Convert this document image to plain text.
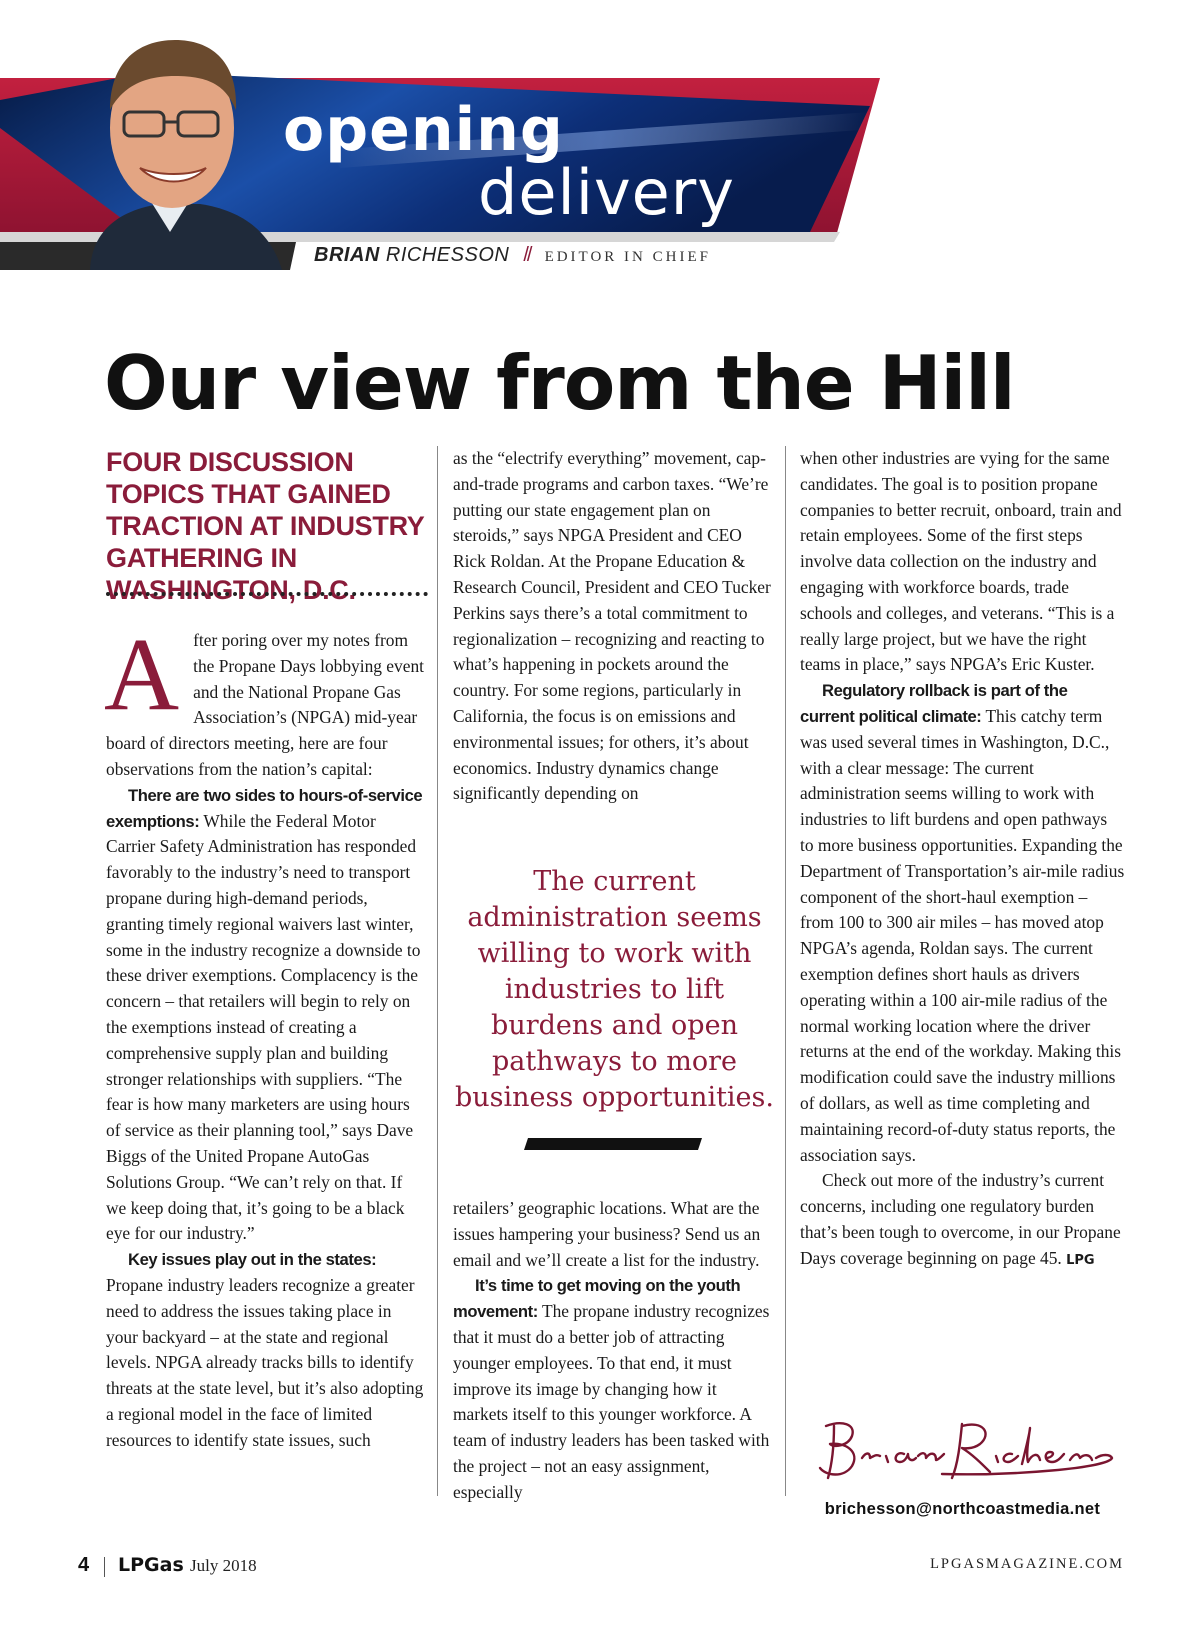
opening
delivery
BRIAN RICHESSON // EDITOR IN CHIEF
Our view from the Hill
FOUR DISCUSSION TOPICS THAT GAINED TRACTION AT INDUSTRY GATHERING IN WASHINGTON, D.C.

After poring over my notes from the Propane Days lobbying event and the National Propane Gas Association’s (NPGA) mid-year board of directors meeting, here are four observations from the nation’s capital:

There are two sides to hours-of-service exemptions: While the Federal Motor Carrier Safety Administration has responded favorably to the industry’s need to transport propane during high-demand periods, granting timely regional waivers last winter, some in the industry recognize a downside to these driver exemptions. Complacency is the concern – that retailers will begin to rely on the exemptions instead of creating a comprehensive supply plan and building stronger relationships with suppliers. “The fear is how many marketers are using hours of service as their planning tool,” says Dave Biggs of the United Propane AutoGas Solutions Group. “We can’t rely on that. If we keep doing that, it’s going to be a black eye for our industry.”

Key issues play out in the states: Propane industry leaders recognize a greater need to address the issues taking place in your backyard – at the state and regional levels. NPGA already tracks bills to identify threats at the state level, but it’s also adopting a regional model in the face of limited resources to identify state issues, such

as the “electrify everything” movement, cap-and-trade programs and carbon taxes. “We’re putting our state engagement plan on steroids,” says NPGA President and CEO Rick Roldan. At the Propane Education & Research Council, President and CEO Tucker Perkins says there’s a total commitment to regionalization – recognizing and reacting to what’s happening in pockets around the country. For some regions, particularly in California, the focus is on emissions and environmental issues; for others, it’s about economics. Industry dynamics change significantly depending on

The current administration seems willing to work with industries to lift burdens and open pathways to more business opportunities.

retailers’ geographic locations. What are the issues hampering your business? Send us an email and we’ll create a list for the industry.

It’s time to get moving on the youth movement: The propane industry recognizes that it must do a better job of attracting younger employees. To that end, it must improve its image by changing how it markets itself to this younger workforce. A team of industry leaders has been tasked with the project – not an easy assignment, especially

when other industries are vying for the same candidates. The goal is to position propane companies to better recruit, onboard, train and retain employees. Some of the first steps involve data collection on the industry and engaging with workforce boards, trade schools and colleges, and veterans. “This is a really large project, but we have the right teams in place,” says NPGA’s Eric Kuster.

Regulatory rollback is part of the current political climate: This catchy term was used several times in Washington, D.C., with a clear message: The current administration seems willing to work with industries to lift burdens and open pathways to more business opportunities. Expanding the Department of Transportation’s air-mile radius component of the short-haul exemption – from 100 to 300 air miles – has moved atop NPGA’s agenda, Roldan says. The current exemption defines short hauls as drivers operating within a 100 air-mile radius of the normal working location where the driver returns at the end of the workday. Making this modification could save the industry millions of dollars, as well as time completing and maintaining record-of-duty status reports, the association says.

Check out more of the industry’s current concerns, including one regulatory burden that’s been tough to overcome, in our Propane Days coverage beginning on page 45. LPG

brichesson@northcoastmedia.net
4 LPGas July 2018	LPGASMAGAZINE.COM
